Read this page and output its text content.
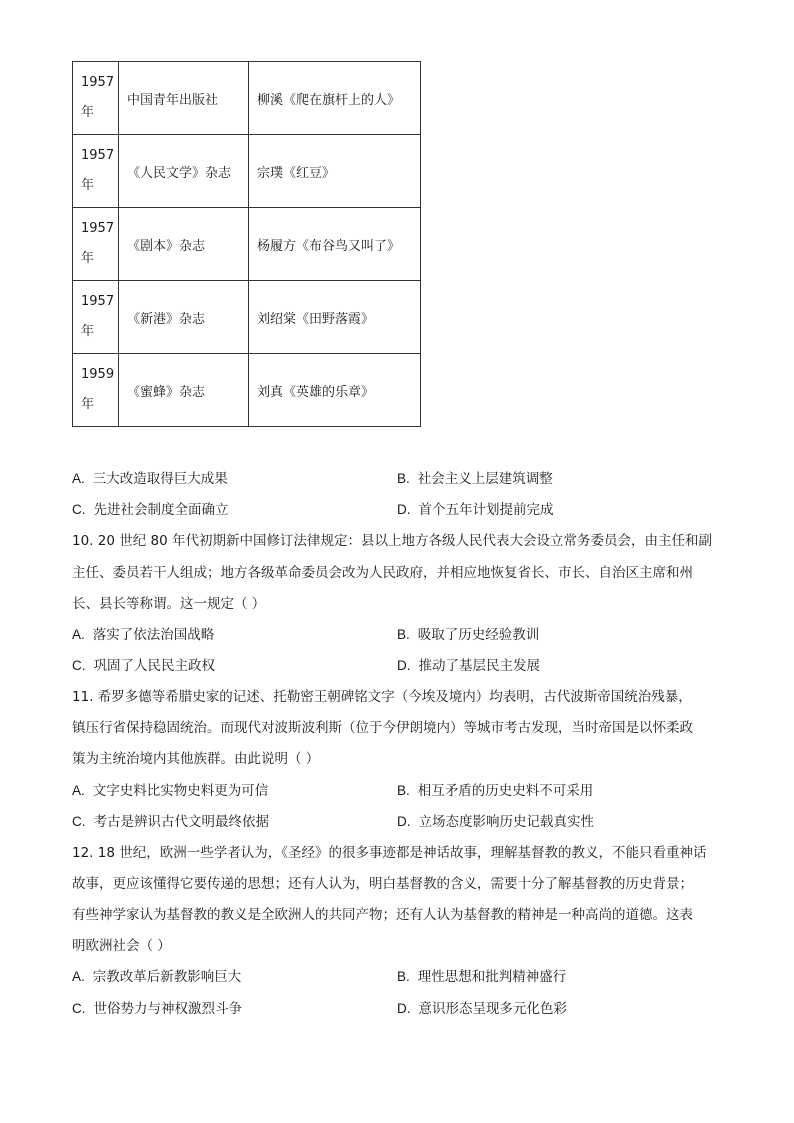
1957
年	中国青年出版社	柳溪《爬在旗杆上的人》

1957
年	《人民文学》杂志	宗璞《红豆》

1957
年	《剧本》杂志	杨履方《布谷鸟又叫了》

1957
年	《新港》杂志	刘绍棠《田野落霞》

1959
年	《蜜蜂》杂志	刘真《英雄的乐章》
A. 三大改造取得巨大成果	B. 社会主义上层建筑调整
C. 先进社会制度全面确立	D. 首个五年计划提前完成
10. 20 世纪 80 年代初期新中国修订法律规定：县以上地方各级人民代表大会设立常务委员会，由主任和副
主任、委员若干人组成；地方各级革命委员会改为人民政府，并相应地恢复省长、市长、自治区主席和州
长、县长等称谓。这一规定（ ）
A. 落实了依法治国战略	B. 吸取了历史经验教训
C. 巩固了人民民主政权	D. 推动了基层民主发展
11. 希罗多德等希腊史家的记述、托勒密王朝碑铭文字（今埃及境内）均表明，古代波斯帝国统治残暴，
镇压行省保持稳固统治。而现代对波斯波利斯（位于今伊朗境内）等城市考古发现，当时帝国是以怀柔政
策为主统治境内其他族群。由此说明（ ）
A. 文字史料比实物史料更为可信	B. 相互矛盾的历史史料不可采用
C. 考古是辨识古代文明最终依据	D. 立场态度影响历史记载真实性
12. 18 世纪，欧洲一些学者认为，《圣经》的很多事迹都是神话故事，理解基督教的教义，不能只看重神话
故事，更应该懂得它要传递的思想；还有人认为，明白基督教的含义，需要十分了解基督教的历史背景；
有些神学家认为基督教的教义是全欧洲人的共同产物；还有人认为基督教的精神是一种高尚的道德。这表
明欧洲社会（ ）
A. 宗教改革后新教影响巨大	B. 理性思想和批判精神盛行
C. 世俗势力与神权激烈斗争	D. 意识形态呈现多元化色彩
